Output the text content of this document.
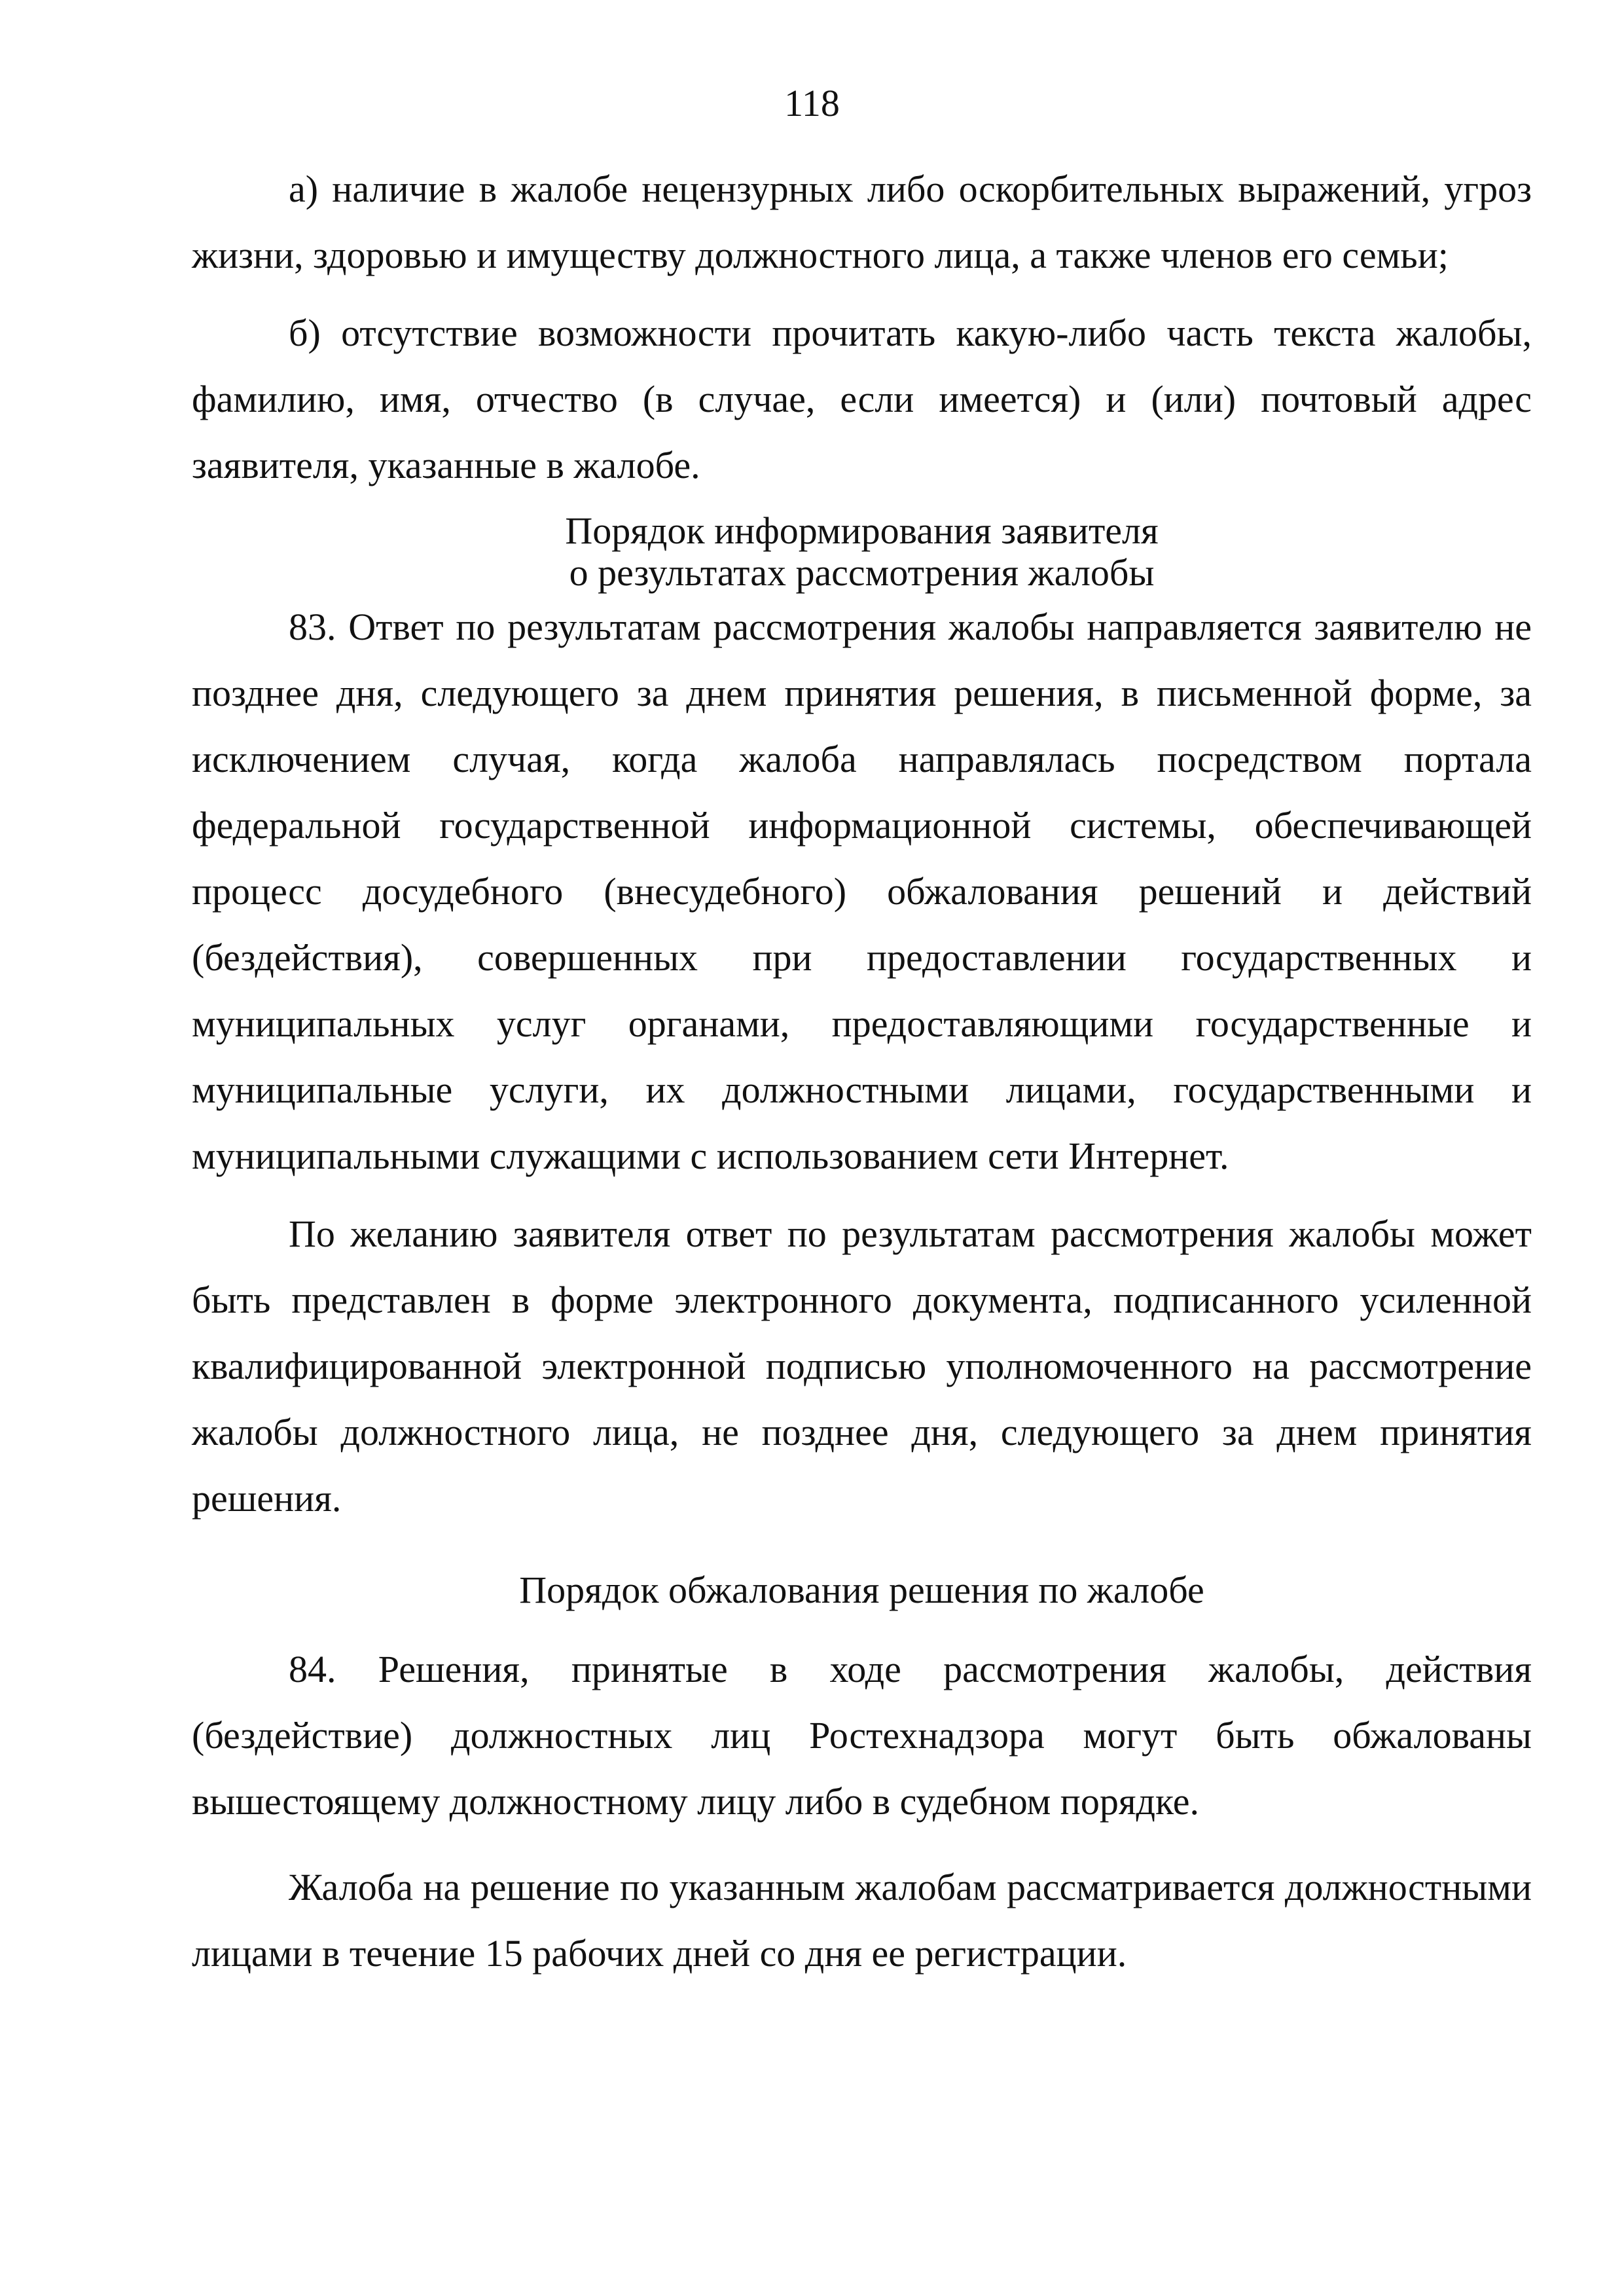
118

а) наличие в жалобе нецензурных либо оскорбительных выражений, угроз жизни, здоровью и имуществу должностного лица, а также членов его семьи;

б) отсутствие возможности прочитать какую-либо часть текста жалобы, фамилию, имя, отчество (в случае, если имеется) и (или) почтовый адрес заявителя, указанные в жалобе.

Порядок информирования заявителя
о результатах рассмотрения жалобы

83. Ответ по результатам рассмотрения жалобы направляется заявителю не позднее дня, следующего за днем принятия решения, в письменной форме, за исключением случая, когда жалоба направлялась посредством портала федеральной государственной информационной системы, обеспечивающей процесс досудебного (внесудебного) обжалования решений и действий (бездействия), совершенных при предоставлении государственных и муниципальных услуг органами, предоставляющими государственные и муниципальные услуги, их должностными лицами, государственными и муниципальными служащими с использованием сети Интернет.

По желанию заявителя ответ по результатам рассмотрения жалобы может быть представлен в форме электронного документа, подписанного усиленной квалифицированной электронной подписью уполномоченного на рассмотрение жалобы должностного лица, не позднее дня, следующего за днем принятия решения.

Порядок обжалования решения по жалобе

84. Решения, принятые в ходе рассмотрения жалобы, действия (бездействие) должностных лиц Ростехнадзора могут быть обжалованы вышестоящему должностному лицу либо в судебном порядке.

Жалоба на решение по указанным жалобам рассматривается должностными лицами в течение 15 рабочих дней со дня ее регистрации.
